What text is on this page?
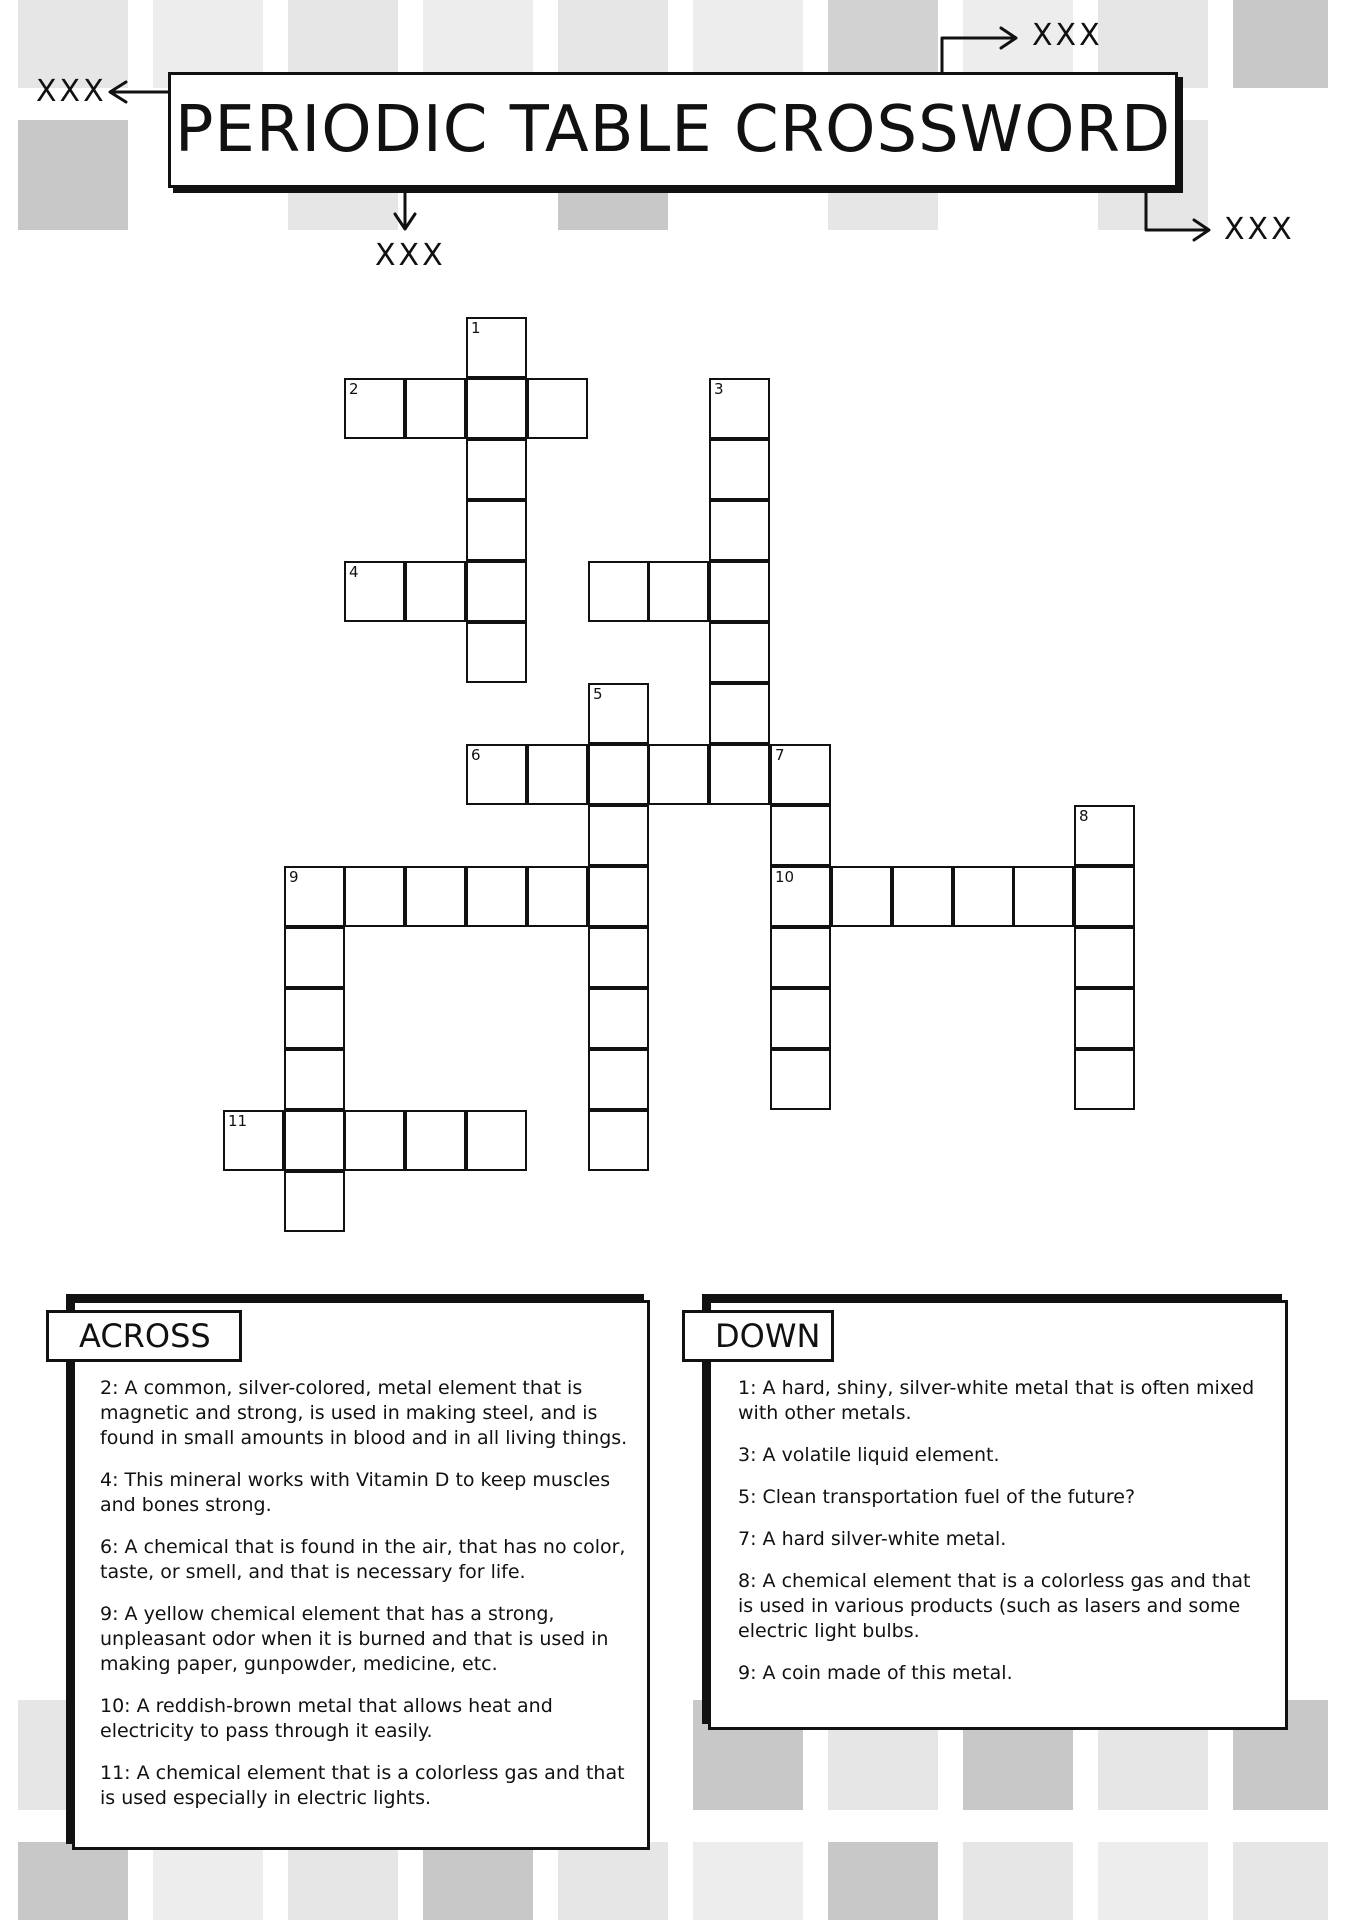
XXX
XXX
XXX
XXX
PERIODIC TABLE CROSSWORD
1
2	3
4
5
6	7
8
9	10
11
ACROSS

2: A common, silver-colored, metal element that is magnetic and strong, is used in making steel, and is found in small amounts in blood and in all living things.

4: This mineral works with Vitamin D to keep muscles and bones strong.

6: A chemical that is found in the air, that has no color, taste, or smell, and that is necessary for life.

9: A yellow chemical element that has a strong, unpleasant odor when it is burned and that is used in making paper, gunpowder, medicine, etc.

10: A reddish-brown metal that allows heat and electricity to pass through it easily.

11: A chemical element that is a colorless gas and that is used especially in electric lights.

DOWN

1: A hard, shiny, silver-white metal that is often mixed with other metals.

3: A volatile liquid element.

5: Clean transportation fuel of the future?

7: A hard silver-white metal.

8: A chemical element that is a colorless gas and that is used in various products (such as lasers and some electric light bulbs.

9: A coin made of this metal.
